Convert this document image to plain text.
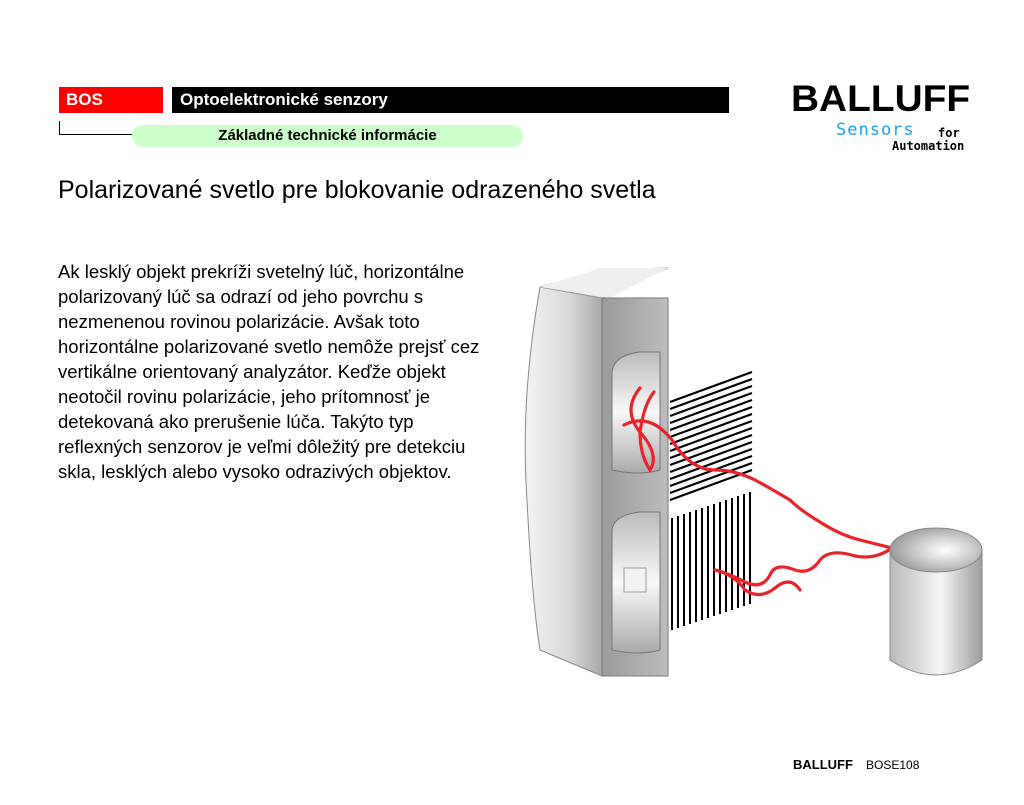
BOS	Optoelektronické senzory
Základné technické informácie
BALLUFF
Sensors for
Automation
Polarizované svetlo pre blokovanie odrazeného svetla
Ak lesklý objekt prekríži svetelný lúč, horizontálne polarizovaný lúč sa odrazí od jeho povrchu s nezmenenou rovinou polarizácie. Avšak toto horizontálne polarizované svetlo nemôže prejsť cez vertikálne orientovaný analyzátor. Keďže objekt neotočil rovinu polarizácie, jeho prítomnosť je detekovaná ako prerušenie lúča. Takýto typ reflexných senzorov je veľmi dôležitý pre detekciu skla, lesklých alebo vysoko odrazivých objektov.
BALLUFF BOSE108
